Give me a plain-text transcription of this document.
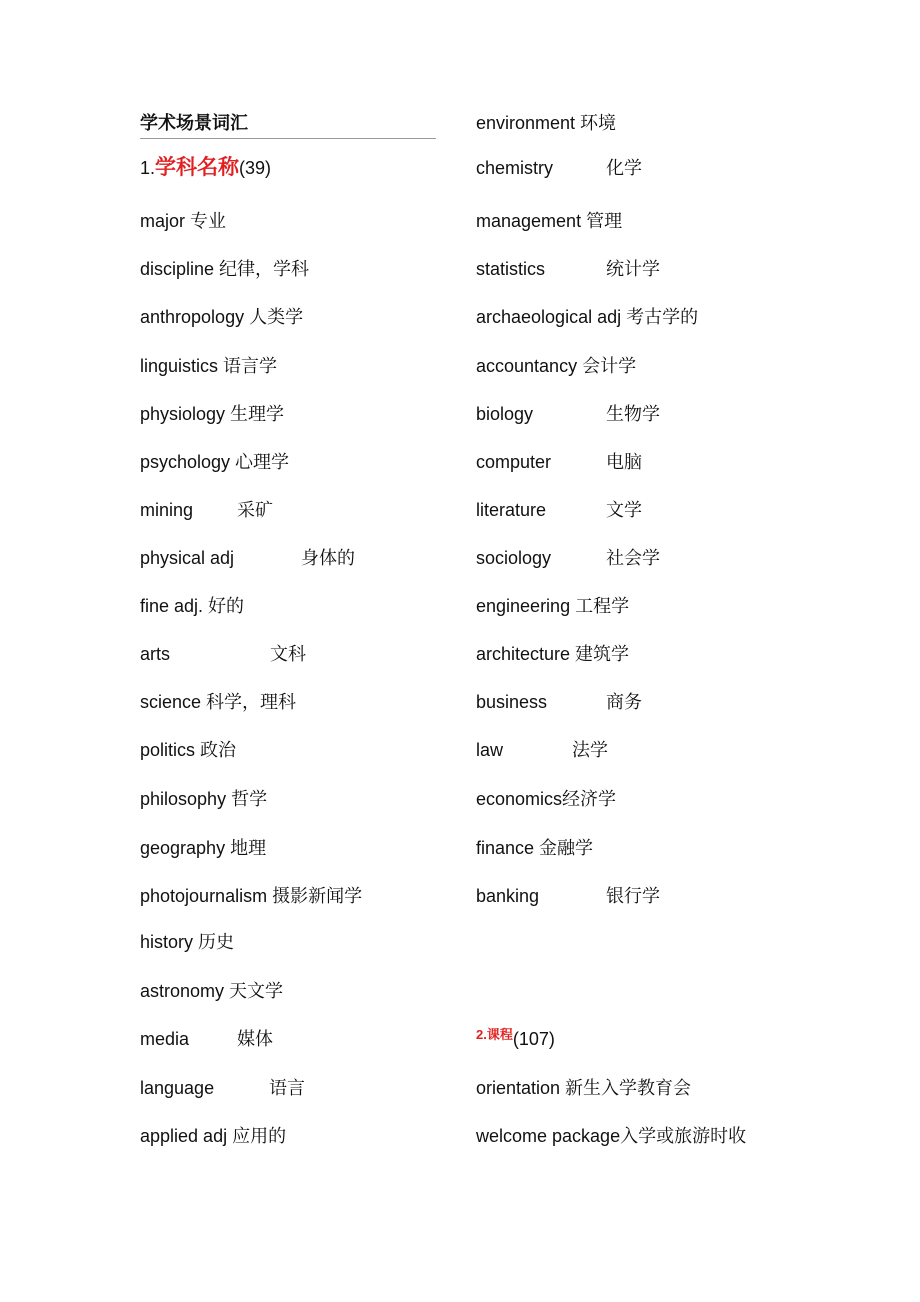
学术场景词汇
1.学科名称(39)
major 专业
discipline 纪律，学科
anthropology 人类学
linguistics 语言学
physiology 生理学
psychology 心理学
mining 采矿
physical adj	身体的
fine adj. 好的
arts	文科
science 科学，理科
politics 政治
philosophy 哲学
geography 地理
photojournalism 摄影新闻学
history 历史
astronomy 天文学
media	媒体
language	语言
applied adj 应用的
environment 环境
chemistry	化学
management 管理
statistics	统计学
archaeological adj 考古学的
accountancy 会计学
biology	生物学
computer	电脑
literature	文学
sociology	社会学
engineering 工程学
architecture 建筑学
business	商务
law	法学
economics经济学
finance 金融学
banking	银行学
$^{2.课程}$(107)
orientation 新生入学教育会
welcome package入学或旅游时收
